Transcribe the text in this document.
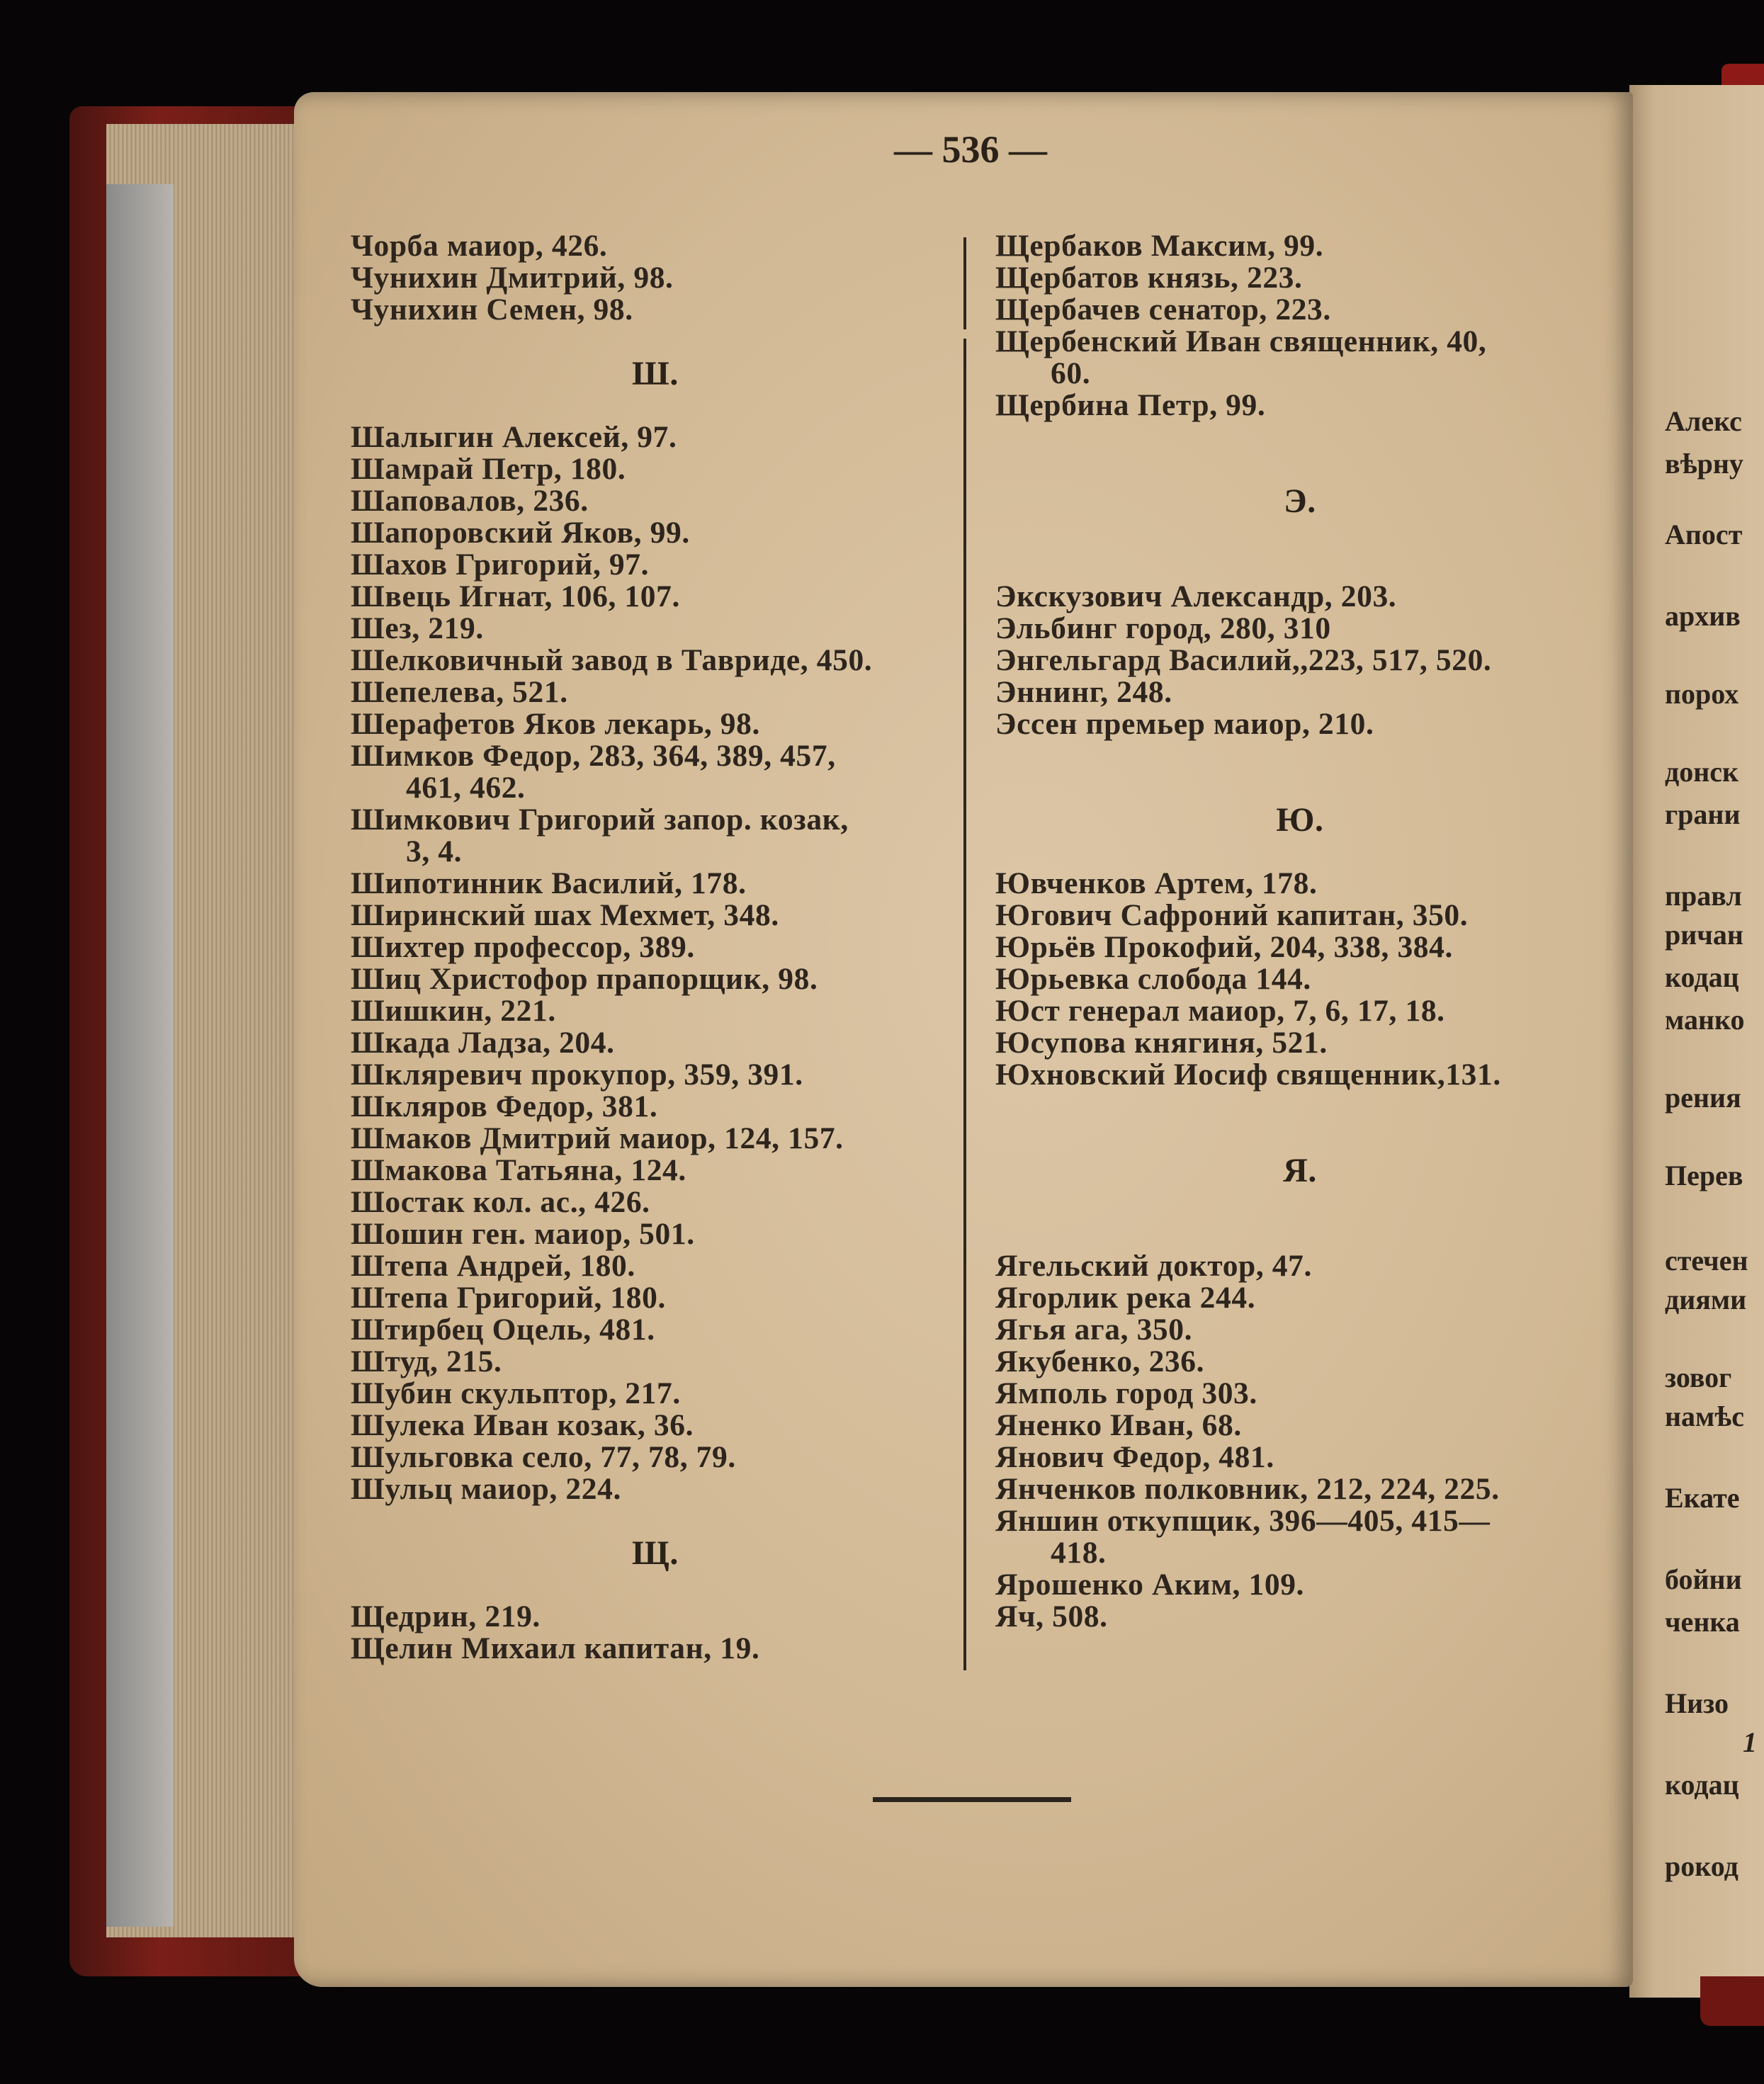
Алекс
вѣрну
Апост
архив
порох
донск
грани
правл
ричан
кодац
манко
рения
Перев
стечен
диями
зовог
намѣс
Екате
бойни
ченка
Низо
1
кодац
рокод
— 536 —
Чорба маиор, 426.
Чунихин Дмитрий, 98.
Чунихин Семен, 98.
Ш.
Шалыгин Алексей, 97.
Шамрай Петр, 180.
Шаповалов, 236.
Шапоровский Яков, 99.
Шахов Григорий, 97.
Швець Игнат, 106, 107.
Шез, 219.
Шелковичный завод в Тавриде, 450.
Шепелева, 521.
Шерафетов Яков лекарь, 98.
Шимков Федор, 283, 364, 389, 457,
461, 462.
Шимкович Григорий запор. козак,
3, 4.
Шипотинник Василий, 178.
Ширинский шах Мехмет, 348.
Шихтер профессор, 389.
Шиц Христофор прапорщик, 98.
Шишкин, 221.
Шкада Ладза, 204.
Шклярeвич прокупор, 359, 391.
Шкляров Федор, 381.
Шмаков Дмитрий маиор, 124, 157.
Шмакова Татьяна, 124.
Шостак кол. ас., 426.
Шошин ген. маиор, 501.
Штепа Андрей, 180.
Штепа Григорий, 180.
Штирбец Оцель, 481.
Штуд, 215.
Шубин скульптор, 217.
Шулека Иван козак, 36.
Шульговка село, 77, 78, 79.
Шульц маиор, 224.
Щ.
Щедрин, 219.
Щелин Михаил капитан, 19.
Щербаков Максим, 99.
Щербатов князь, 223.
Щербачев сенатор, 223.
Щербенский Иван священник, 40,
60.
Щербина Петр, 99.
Э.
Экскузович Александр, 203.
Эльбинг город, 280, 310
Энгельгард Василий,,223, 517, 520.
Эннинг, 248.
Эссен премьер маиор, 210.
Ю.
Ювченков Артем, 178.
Югович Сафроний капитан, 350.
Юрьёв Прокофий, 204, 338, 384.
Юрьевка слобода 144.
Юст генерал маиор, 7, 6, 17, 18.
Юсупова княгиня, 521.
Юхновский Иосиф священник,131.
Я.
Ягельский доктор, 47.
Ягорлик река 244.
Ягья ага, 350.
Якубенко, 236.
Ямполь город 303.
Яненко Иван, 68.
Янович Федор, 481.
Янченков полковник, 212, 224, 225.
Яншин откупщик, 396—405, 415—
418.
Ярошенко Аким, 109.
Яч, 508.
